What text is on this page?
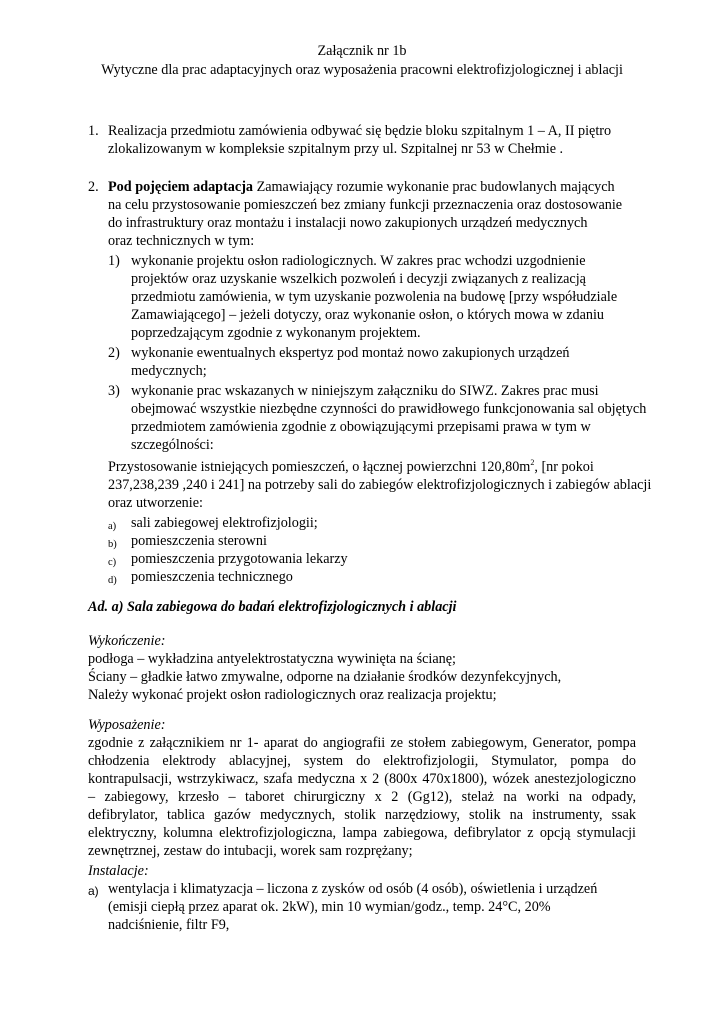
Załącznik nr 1b
Wytyczne dla prac adaptacyjnych oraz wyposażenia pracowni elektrofizjologicznej i ablacji
1. Realizacja przedmiotu zamówienia odbywać się będzie bloku szpitalnym 1 – A, II piętro
zlokalizowanym w kompleksie szpitalnym przy ul. Szpitalnej nr 53 w Chełmie .
2. Pod pojęciem adaptacja Zamawiający rozumie wykonanie prac budowlanych mających
na celu przystosowanie pomieszczeń bez zmiany funkcji przeznaczenia oraz dostosowanie
do infrastruktury oraz montażu i instalacji nowo zakupionych urządzeń medycznych
oraz technicznych w tym:
1) wykonanie projektu osłon radiologicznych. W zakres prac wchodzi uzgodnienie
projektów oraz uzyskanie wszelkich pozwoleń i decyzji związanych z realizacją
przedmiotu zamówienia, w tym uzyskanie pozwolenia na budowę [przy współudziale
Zamawiającego] – jeżeli dotyczy, oraz wykonanie osłon, o których mowa w zdaniu
poprzedzającym zgodnie z wykonanym projektem.
2) wykonanie ewentualnych ekspertyz pod montaż nowo zakupionych urządzeń
medycznych;
3) wykonanie prac wskazanych w niniejszym załączniku do SIWZ. Zakres prac musi
obejmować wszystkie niezbędne czynności do prawidłowego funkcjonowania sal objętych
przedmiotem zamówienia zgodnie z obowiązującymi przepisami prawa w tym w
szczególności:
Przystosowanie istniejących pomieszczeń, o łącznej powierzchni $120,80m^2$, [nr pokoi
237,238,239 ,240 i 241] na potrzeby sali do zabiegów elektrofizjologicznych i zabiegów ablacji
oraz utworzenie:
a) sali zabiegowej elektrofizjologii;
b) pomieszczenia sterowni
c) pomieszczenia przygotowania lekarzy
d) pomieszczenia technicznego
Ad. a) Sala zabiegowa do badań elektrofizjologicznych i ablacji
Wykończenie:
podłoga – wykładzina antyelektrostatyczna wywinięta na ścianę;
Ściany – gładkie łatwo zmywalne, odporne na działanie środków dezynfekcyjnych,
Należy wykonać projekt osłon radiologicznych oraz realizacja projektu;
Wyposażenie:
zgodnie z załącznikiem nr 1- aparat do angiografii ze stołem zabiegowym, Generator, pompa
chłodzenia elektrody ablacyjnej, system do elektrofizjologii, Stymulator, pompa do
kontrapulsacji, wstrzykiwacz, szafa medyczna x 2 (800x 470x1800), wózek anestezjologiczno
– zabiegowy, krzesło – taboret chirurgiczny x 2 (Gg12), stelaż na worki na odpady,
defibrylator, tablica gazów medycznych, stolik narzędziowy, stolik na instrumenty, ssak
elektryczny, kolumna elektrofizjologiczna, lampa zabiegowa, defibrylator z opcją stymulacji
zewnętrznej, zestaw do intubacji, worek sam rozprężany;
Instalacje:
a) wentylacja i klimatyzacja – liczona z zysków od osób (4 osób), oświetlenia i urządzeń
(emisji ciepłą przez aparat ok. 2kW), min 10 wymian/godz., temp. 24°C, 20%
nadciśnienie, filtr F9,
